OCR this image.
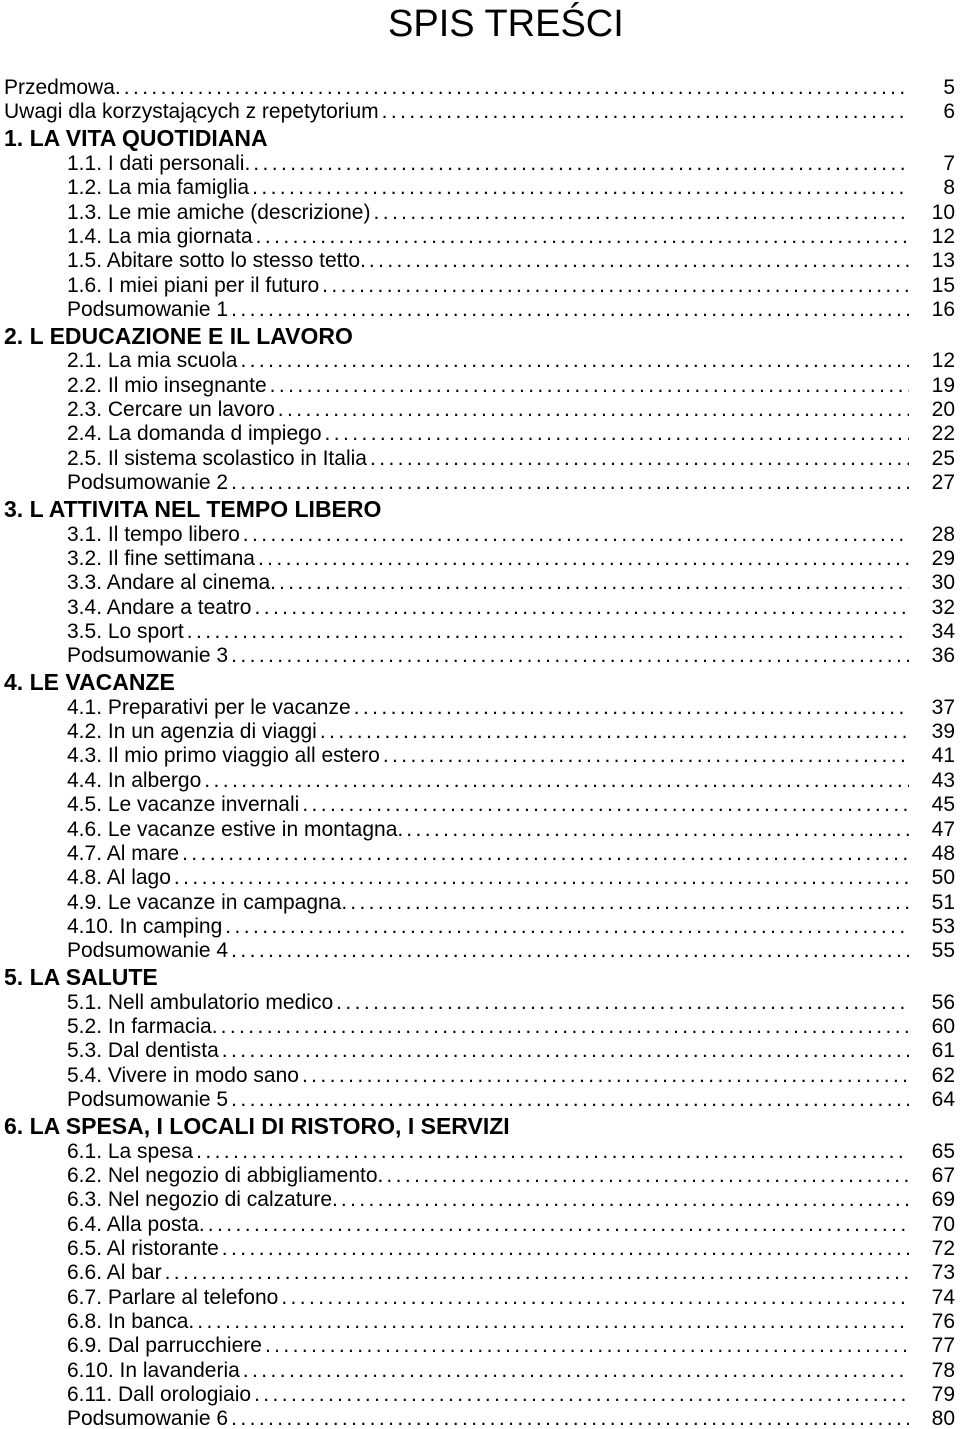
SPIS TREŚCI
Przedmowa. .....	5
Uwagi dla korzystających z repetytorium .....	6
1. LA VITA QUOTIDIANA
1.1. I dati personali. .....	7
1.2. La mia famiglia .....	8
1.3. Le mie amiche (descrizione) .....	10
1.4. La mia giornata .....	12
1.5. Abitare sotto lo stesso tetto. .....	13
1.6. I miei piani per il futuro .....	15
Podsumowanie 1 .....	16
2. L EDUCAZIONE E IL LAVORO
2.1. La mia scuola .....	12
2.2. Il mio insegnante .....	19
2.3. Cercare un lavoro .....	20
2.4. La domanda d impiego .....	22
2.5. Il sistema scolastico in Italia .....	25
Podsumowanie 2 .....	27
3. L ATTIVITA NEL TEMPO LIBERO
3.1. Il tempo libero .....	28
3.2. Il fine settimana .....	29
3.3. Andare al cinema. .....	30
3.4. Andare a teatro .....	32
3.5. Lo sport .....	34
Podsumowanie 3 .....	36
4. LE VACANZE
4.1. Preparativi per le vacanze .....	37
4.2. In un agenzia di viaggi .....	39
4.3. Il mio primo viaggio all estero .....	41
4.4. In albergo .....	43
4.5. Le vacanze invernali .....	45
4.6. Le vacanze estive in montagna. .....	47
4.7. Al mare .....	48
4.8. Al lago .....	50
4.9. Le vacanze in campagna. .....	51
4.10. In camping .....	53
Podsumowanie 4 .....	55
5. LA SALUTE
5.1. Nell ambulatorio medico .....	56
5.2. In farmacia. .....	60
5.3. Dal dentista .....	61
5.4. Vivere in modo sano .....	62
Podsumowanie 5 .....	64
6. LA SPESA, I LOCALI DI RISTORO, I SERVIZI
6.1. La spesa .....	65
6.2. Nel negozio di abbigliamento. .....	67
6.3. Nel negozio di calzature. .....	69
6.4. Alla posta. .....	70
6.5. Al ristorante .....	72
6.6. Al bar .....	73
6.7. Parlare al telefono .....	74
6.8. In banca. .....	76
6.9. Dal parrucchiere .....	77
6.10. In lavanderia .....	78
6.11. Dall orologiaio .....	79
Podsumowanie 6 .....	80
